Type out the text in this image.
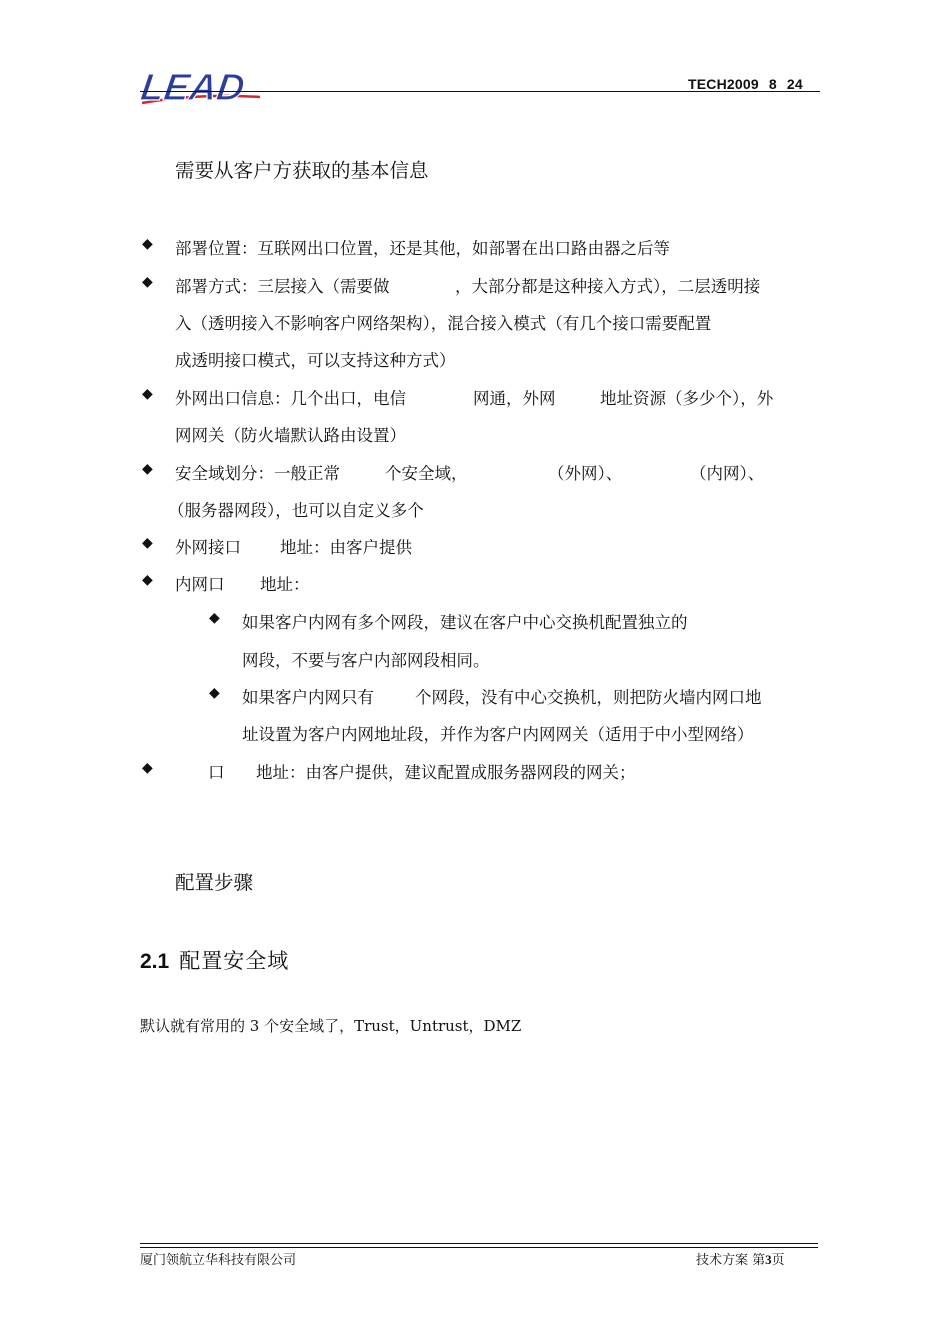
LEAD	TECH2009 8 24
需要从客户方获取的基本信息
◆ 部署位置：互联网出口位置，还是其他，如部署在出口路由器之后等
◆ 部署方式：三层接入（需要做	，大部分都是这种接入方式），二层透明接
入（透明接入不影响客户网络架构），混合接入模式（有几个接口需要配置
成透明接口模式，可以支持这种方式）
◆ 外网出口信息：几个出口，电信	网通，外网	地址资源（多少个），外
网网关（防火墙默认路由设置）
◆ 安全域划分：一般正常	个安全域，	（外网）、	（内网）、
（服务器网段），也可以自定义多个
◆ 外网接口 地址：由客户提供
◆ 内网口 地址：
◆ 如果客户内网有多个网段，建议在客户中心交换机配置独立的
网段，不要与客户内部网段相同。
◆ 如果客户内网只有 个网段，没有中心交换机，则把防火墙内网口地
址设置为客户内网地址段，并作为客户内网网关（适用于中小型网络）
◆	口 地址：由客户提供，建议配置成服务器网段的网关；
配置步骤
2.1 配置安全域
默认就有常用的 3 个安全域了，Trust，Untrust，DMZ
厦门领航立华科技有限公司	技术方案 第3页
